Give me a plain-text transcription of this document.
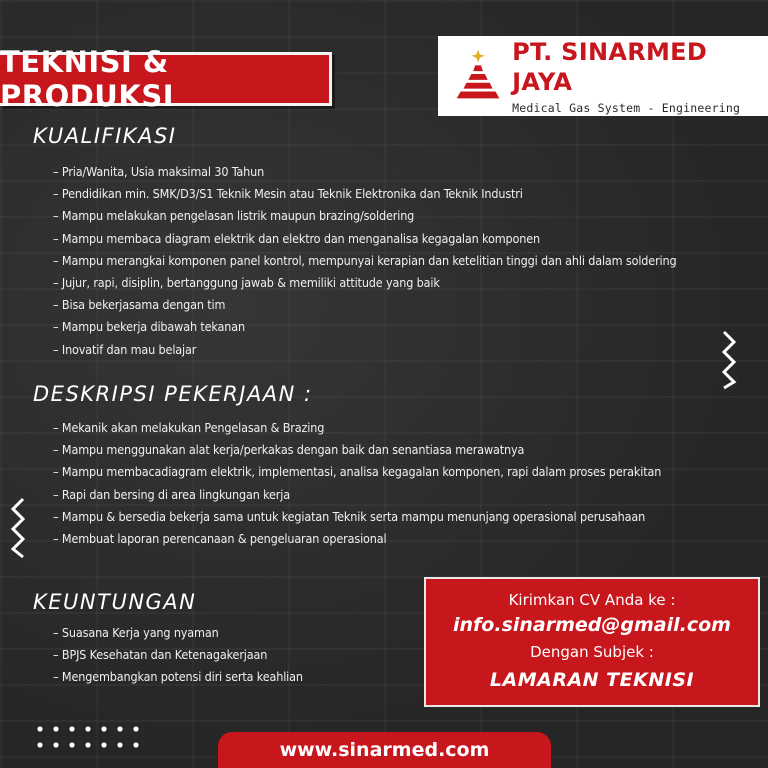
TEKNISI & PRODUKSI
PT. SINARMED JAYA
Medical Gas System - Engineering
KUALIFIKASI
– Pria/Wanita, Usia maksimal 30 Tahun
– Pendidikan min. SMK/D3/S1 Teknik Mesin atau Teknik Elektronika dan Teknik Industri
– Mampu melakukan pengelasan listrik maupun brazing/soldering
– Mampu membaca diagram elektrik dan elektro dan menganalisa kegagalan komponen
– Mampu merangkai komponen panel kontrol, mempunyai kerapian dan ketelitian tinggi dan ahli dalam soldering
– Jujur, rapi, disiplin, bertanggung jawab & memiliki attitude yang baik
– Bisa bekerjasama dengan tim
– Mampu bekerja dibawah tekanan
– Inovatif dan mau belajar
DESKRIPSI PEKERJAAN :
– Mekanik akan melakukan Pengelasan & Brazing
– Mampu menggunakan alat kerja/perkakas dengan baik dan senantiasa merawatnya
– Mampu membacadiagram elektrik, implementasi, analisa kegagalan komponen, rapi dalam proses perakitan
– Rapi dan bersing di area lingkungan kerja
– Mampu & bersedia bekerja sama untuk kegiatan Teknik serta mampu menunjang operasional perusahaan
– Membuat laporan perencanaan & pengeluaran operasional
KEUNTUNGAN
– Suasana Kerja yang nyaman
– BPJS Kesehatan dan Ketenagakerjaan
– Mengembangkan potensi diri serta keahlian
Kirimkan CV Anda ke :
info.sinarmed@gmail.com
Dengan Subjek :
LAMARAN TEKNISI
www.sinarmed.com
